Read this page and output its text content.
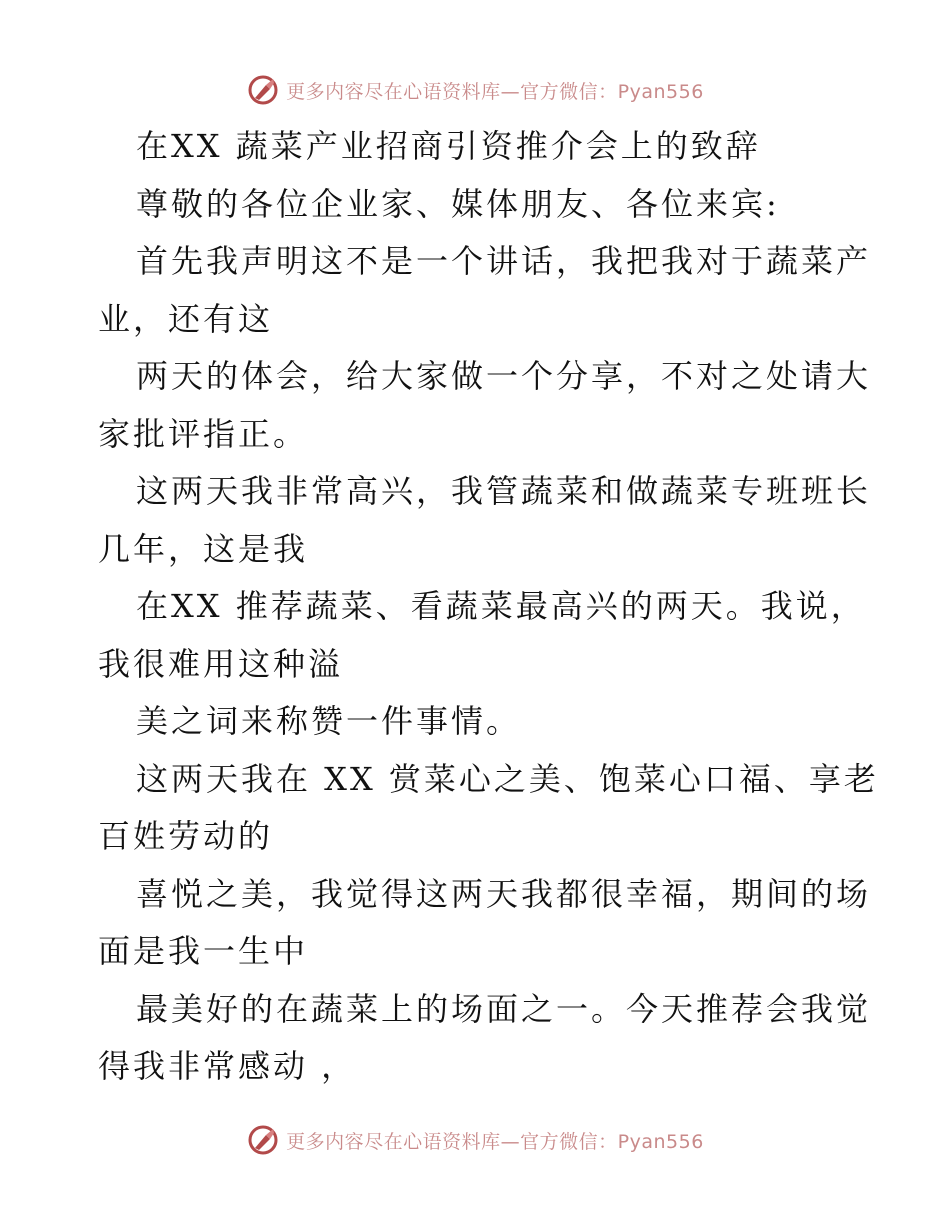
更多内容尽在心语资料库—官方微信：Pyan556
在XX 蔬菜产业招商引资推介会上的致辞
尊敬的各位企业家、媒体朋友、各位来宾:
首先我声明这不是一个讲话，我把我对于蔬菜产
业，还有这
两天的体会，给大家做一个分享，不对之处请大
家批评指正。
这两天我非常高兴，我管蔬菜和做蔬菜专班班长
几年，这是我
在XX 推荐蔬菜、看蔬菜最高兴的两天。我说，
我很难用这种溢
美之词来称赞一件事情。
这两天我在 XX 赏菜心之美、饱菜心口福、享老
百姓劳动的
喜悦之美，我觉得这两天我都很幸福，期间的场
面是我一生中
最美好的在蔬菜上的场面之一。今天推荐会我觉
得我非常感动 ，
更多内容尽在心语资料库—官方微信：Pyan556
